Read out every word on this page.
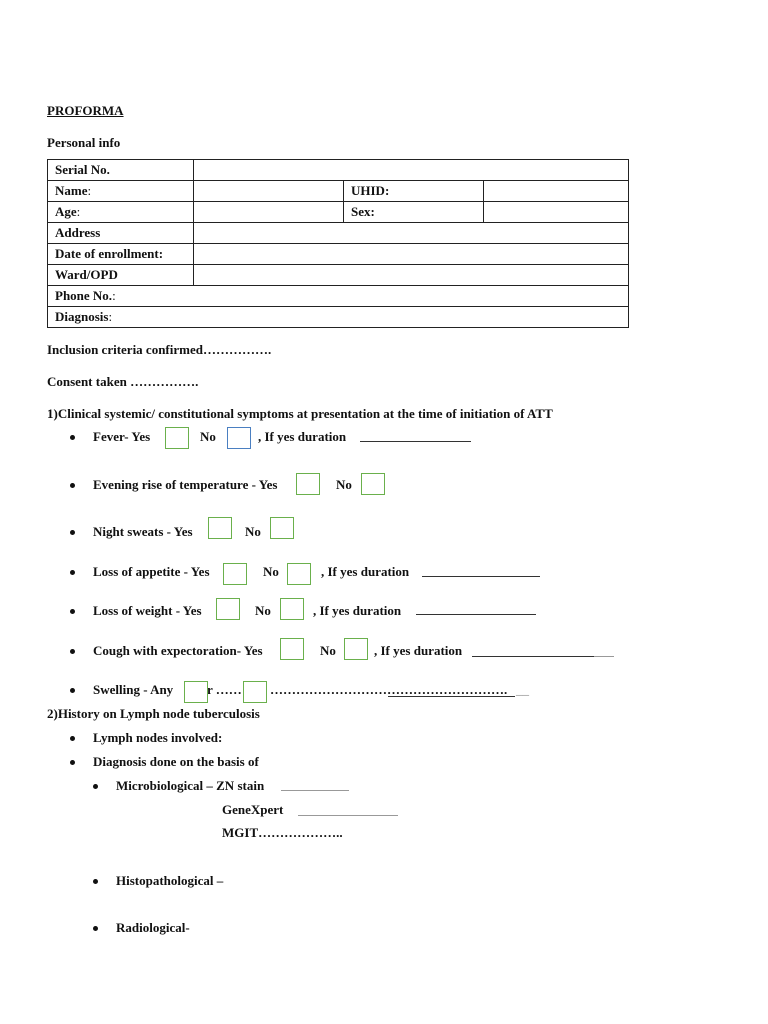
PROFORMA
Personal info
Serial No.			
Name:		UHID:	
Age:		Sex:	
Address			
Date of enrollment:			
Ward/OPD			
Phone No.:			
Diagnosis:			
Inclusion criteria confirmed…………….
Consent taken …………….
1)Clinical systemic/ constitutional symptoms at presentation at the time of initiation of ATT
Fever- Yes	No	, If yes duration
Evening rise of temperature - Yes	No
Night sweats - Yes	No
Loss of appetite - Yes	No	, If yes duration
Loss of weight - Yes	No	, If yes duration
Cough with expectoration- Yes	No	, If yes duration
Swelling - Any	r …… ………………………………………………. __
2)History on Lymph node tuberculosis
Lymph nodes involved:
Diagnosis done on the basis of
Microbiological – ZN stain
GeneXpert
MGIT………………..
Histopathological –
Radiological-
